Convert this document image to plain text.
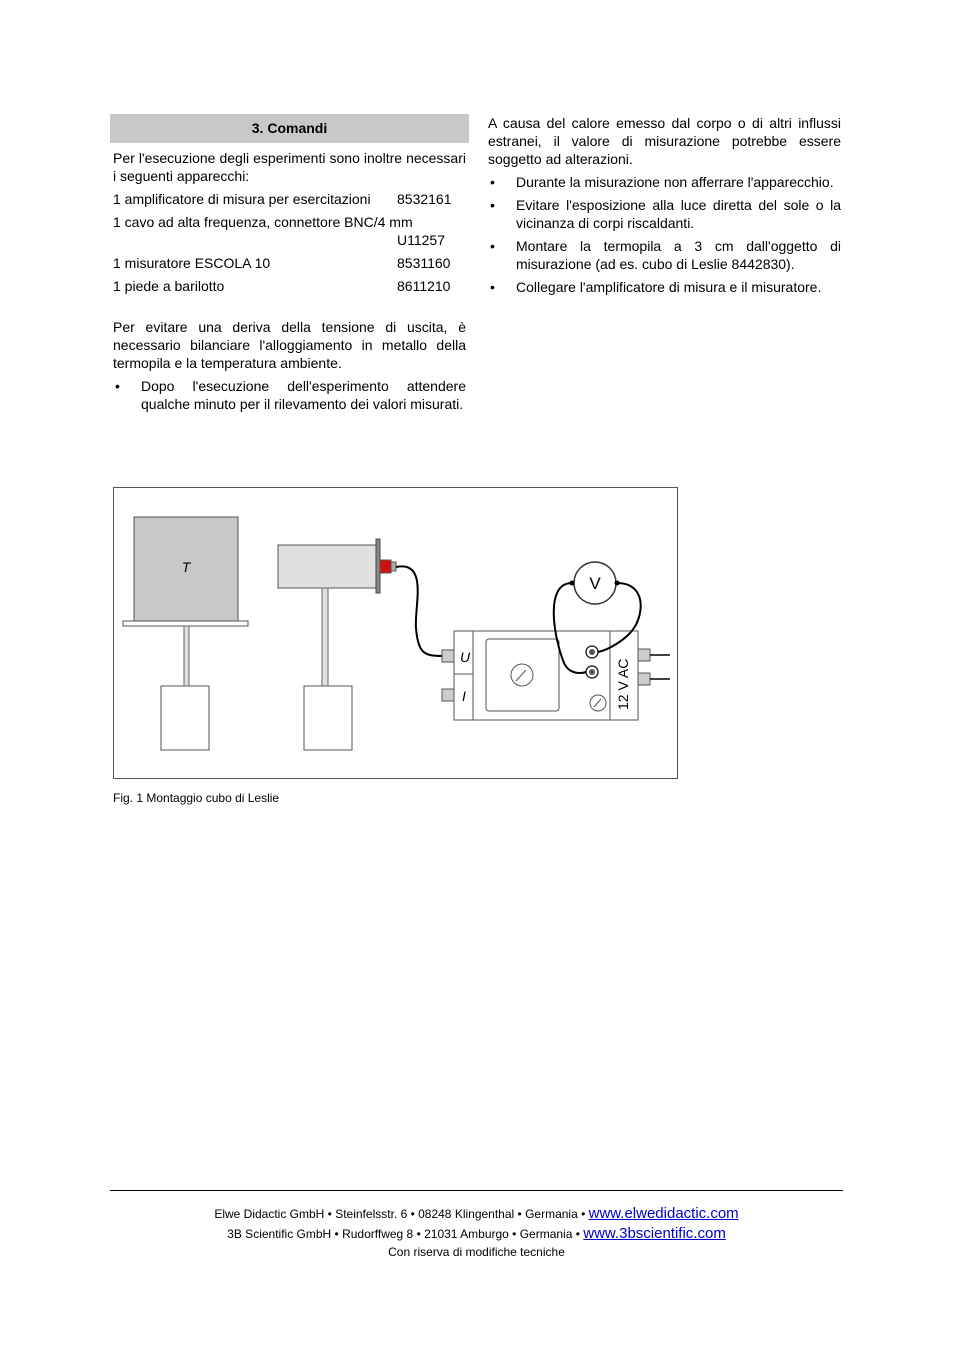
3. Comandi

Per l'esecuzione degli esperimenti sono inoltre necessari i seguenti apparecchi:

1 amplificatore di misura per esercitazioni 8532161
1 cavo ad alta frequenza, connettore BNC/4 mm
U11257
1 misuratore ESCOLA 10	8531160
1 piede a barilotto	8611210

Per evitare una deriva della tensione di uscita, è necessario bilanciare l'alloggiamento in metallo della termopila e la temperatura ambiente.

• Dopo l'esecuzione dell'esperimento attendere qualche minuto per il rilevamento dei valori misurati.

A causa del calore emesso dal corpo o di altri influssi estranei, il valore di misurazione potrebbe essere soggetto ad alterazioni.

• Durante la misurazione non afferrare l'apparecchio.
• Evitare l'esposizione alla luce diretta del sole o la vicinanza di corpi riscaldanti.
• Montare la termopila a 3 cm dall'oggetto di misurazione (ad es. cubo di Leslie 8442830).
• Collegare l'amplificatore di misura e il misuratore.
T
U
I	12 V AC
V
Fig. 1 Montaggio cubo di Leslie
Elwe Didactic GmbH • Steinfelsstr. 6 • 08248 Klingenthal • Germania • www.elwedidactic.com
3B Scientific GmbH • Rudorffweg 8 • 21031 Amburgo • Germania • www.3bscientific.com
Con riserva di modifiche tecniche
